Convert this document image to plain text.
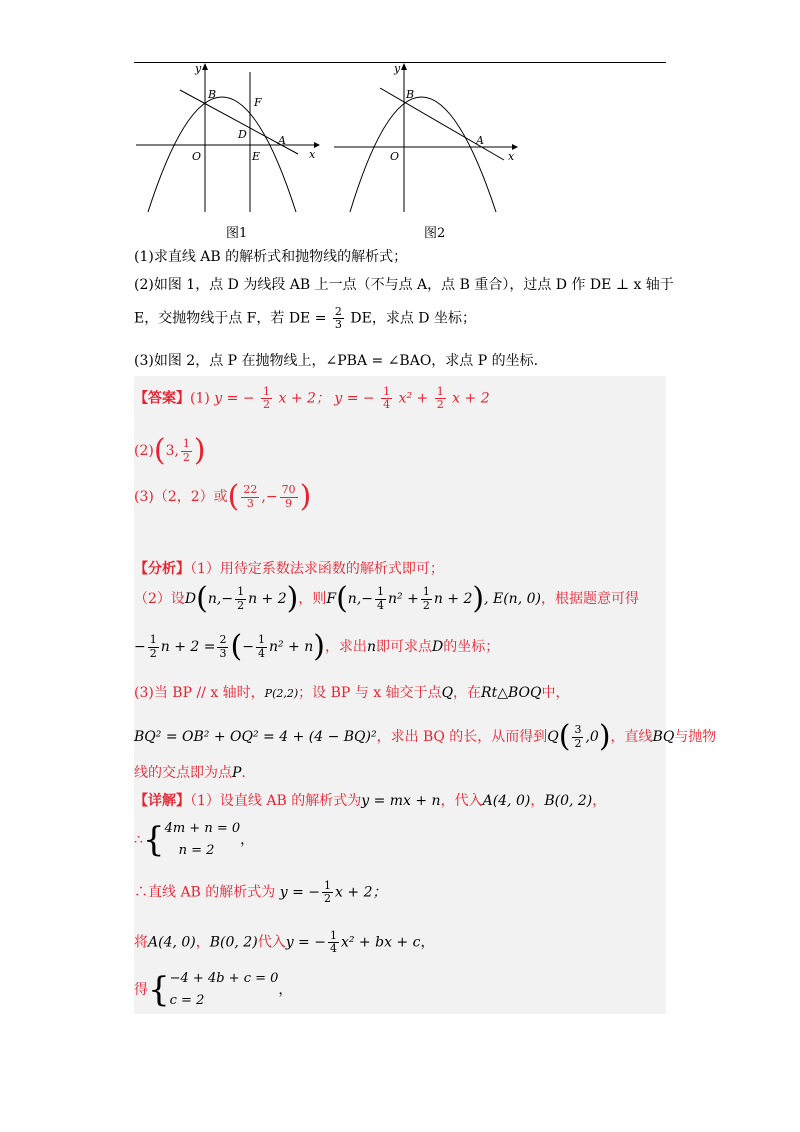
y
x
B
F
D	A
O	E
图1
y
x
B
A
O
图2
(1)求直线 AB 的解析式和抛物线的解析式；
(2)如图 1，点 D 为线段 AB 上一点（不与点 A，点 B 重合），过点 D 作 DE ⊥ x 轴于
E，交抛物线于点 F，若 DE = $\frac{2}{3}$ DE，求点 D 坐标；
(3)如图 2，点 P 在抛物线上，∠PBA = ∠BAO，求点 P 的坐标.
【答案】(1) y = − $\frac{1}{2}$ x + 2； y = − $\frac{1}{4} x^2 + \frac{1}{2}$ x + 2
(2)(3, $\frac{1}{2}$ )
(3)（2，2）或( $\frac{22}{3}$ ,− $\frac{70}{9}$ )
【分析】（1）用待定系数法求函数的解析式即可；
（2）设$D(n,- \frac{1}{2}$ n + 2)，则$F(n,- \frac{1}{4} n^2 + \frac{1}{2}$ n + 2), E(n, 0)，根据题意可得
− $\frac{1}{2}$ $n + 2 = \frac{2}{3}$ (− $\frac{1}{4} n^2 + n$)，求出n即可求点D的坐标；
(3)当 BP // x 轴时，P(2,2)；设 BP 与 x 轴交于点Q，在Rt△BOQ中，
BQ² = OB² + OQ² = 4 + (4 − BQ)²，求出 BQ 的长，从而得到$Q( \frac{3}{2} ,0)$，直线BQ与抛物
线的交点即为点P.
【详解】（1）设直线 AB 的解析式为y = mx + n，代入A(4, 0)，B(0, 2)，
∴{ 4m + n = 0
n = 2
，
∴直线 AB 的解析式为 y = − $\frac{1}{2}$ x + 2；
将A(4, 0)，B(0, 2)代入y = − $\frac{1}{4} x^2$ + bx + c，
得{ −4 + 4b + c = 0
c = 2
，
